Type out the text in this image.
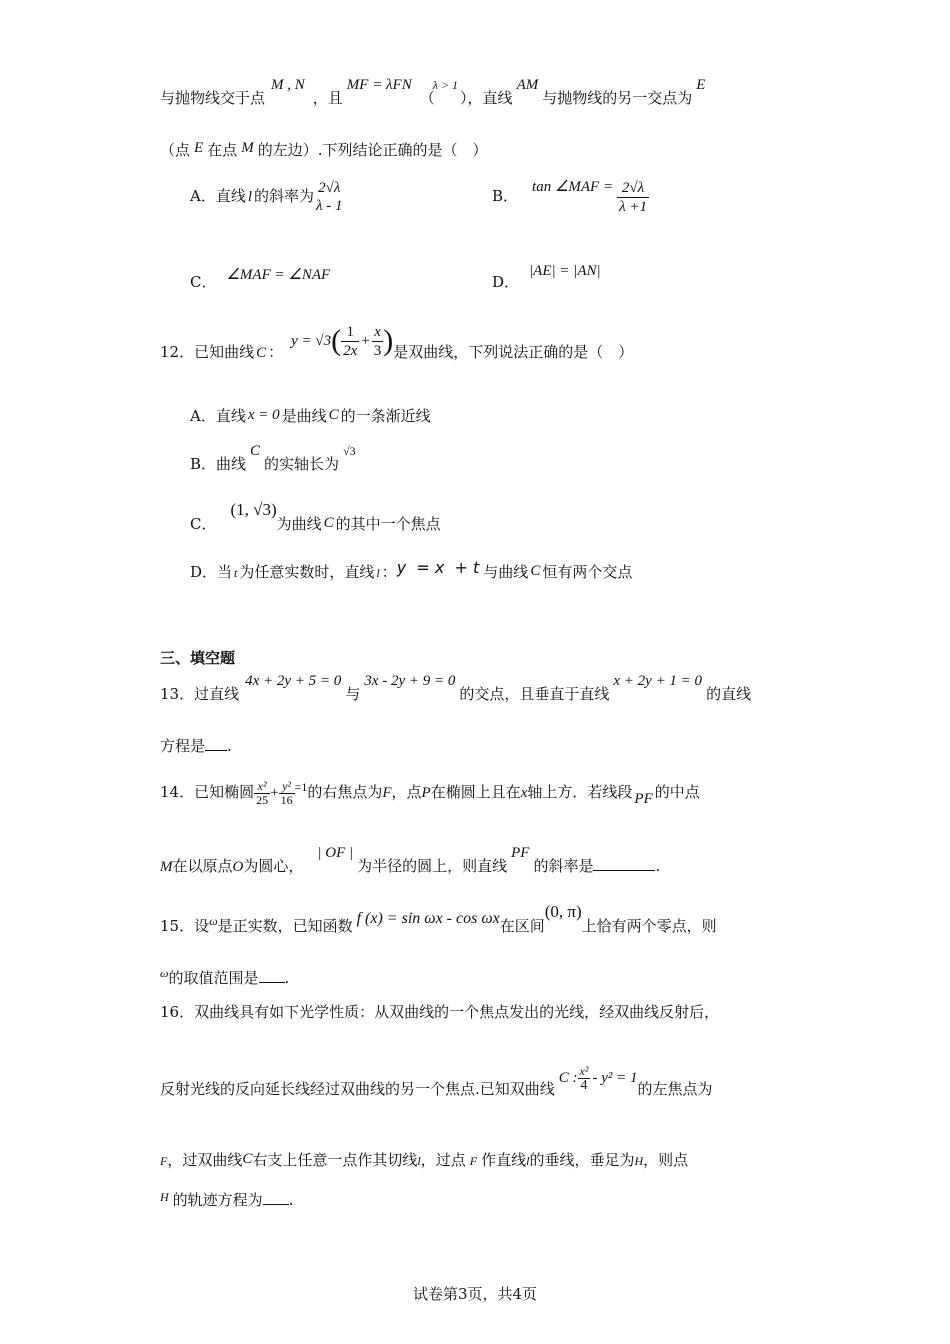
与抛物线交于点M , N，且MF = λFN（$^{\lambda > 1}$），直线AM与抛物线的另一交点为E
（点 E 在点 M 的左边）.下列结论正确的是（　）
A．直线 l 的斜率为 2√λ
λ - 1
B． tan ∠MAF = $\frac{2√\lambda}{\lambda +1}$
C． ∠MAF = ∠NAF	D．|AE| = |AN|
12．已知曲线 C ：$y = √3( \frac{1}{2x} + \frac{x}{3}$ )是双曲线，下列说法正确的是（　）
A．直线 x = 0 是曲线 C 的一条渐近线
B．曲线C的实轴长为$^{√3}$
C．(1, √3)为曲线 C 的其中一个焦点
D．当 t 为任意实数时，直线 l ：y  = x  + t 与曲线 C 恒有两个交点
三、填空题
13．过直线4x + 2y + 5 = 0与3x - 2y + 9 = 0的交点，且垂直于直线x + 2y + 1 = 0的直线
方程是 .
14．已知椭圆 $\frac{\text{x²}}{25} + \frac{\text{y²}}{16} ^{=1}$的右焦点为F，点P在椭圆上且在x轴上方．若线段 PF 的中点
M在以原点O为圆心，| OF |为半径的圆上，则直线PF的斜率是	.
15．设$^\omega$是正实数，已知函数 f (x) = sin ωx - cos ωx在区间(0, π)上恰有两个零点，则
$^\omega$的取值范围是 .
16．双曲线具有如下光学性质：从双曲线的一个焦点发出的光线，经双曲线反射后，
反射光线的反向延长线经过双曲线的另一个焦点.已知双曲线C : $\frac{\text{x²}}{4} - y^2 = 1$的左焦点为
F，过双曲线C右支上任意一点作其切线l，过点 F 作直线l的垂线，垂足为H，则点
$^H$ 的轨迹方程为 .
试卷第3页，共4页
